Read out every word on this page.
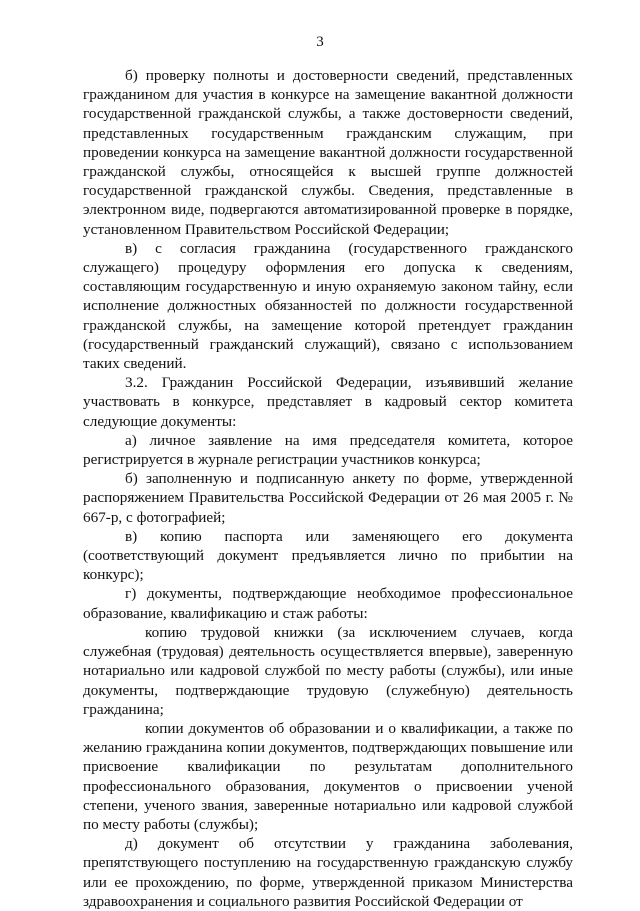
3

б) проверку полноты и достоверности сведений, представленных гражданином для участия в конкурсе на замещение вакантной должности государственной гражданской службы, а также достоверности сведений, представленных государственным гражданским служащим, при проведении конкурса на замещение вакантной должности государственной гражданской службы, относящейся к высшей группе должностей государственной гражданской службы. Сведения, представленные в электронном виде, подвергаются автоматизированной проверке в порядке, установленном Правительством Российской Федерации;

в) с согласия гражданина (государственного гражданского служащего) процедуру оформления его допуска к сведениям, составляющим государственную и иную охраняемую законом тайну, если исполнение должностных обязанностей по должности государственной гражданской службы, на замещение которой претендует гражданин (государственный гражданский служащий), связано с использованием таких сведений.

3.2. Гражданин Российской Федерации, изъявивший желание участвовать в конкурсе, представляет в кадровый сектор комитета следующие документы:

а) личное заявление на имя председателя комитета, которое регистрируется в журнале регистрации участников конкурса;

б) заполненную и подписанную анкету по форме, утвержденной распоряжением Правительства Российской Федерации от 26 мая 2005 г. № 667-р, с фотографией;

в) копию паспорта или заменяющего его документа (соответствующий документ предъявляется лично по прибытии на конкурс);

г) документы, подтверждающие необходимое профессиональное образование, квалификацию и стаж работы:

копию трудовой книжки (за исключением случаев, когда служебная (трудовая) деятельность осуществляется впервые), заверенную нотариально или кадровой службой по месту работы (службы), или иные документы, подтверждающие трудовую (служебную) деятельность гражданина;

копии документов об образовании и о квалификации, а также по желанию гражданина копии документов, подтверждающих повышение или присвоение квалификации по результатам дополнительного профессионального образования, документов о присвоении ученой степени, ученого звания, заверенные нотариально или кадровой службой по месту работы (службы);

д) документ об отсутствии у гражданина заболевания, препятствующего поступлению на государственную гражданскую службу или ее прохождению, по форме, утвержденной приказом Министерства здравоохранения и социального развития Российской Федерации от
